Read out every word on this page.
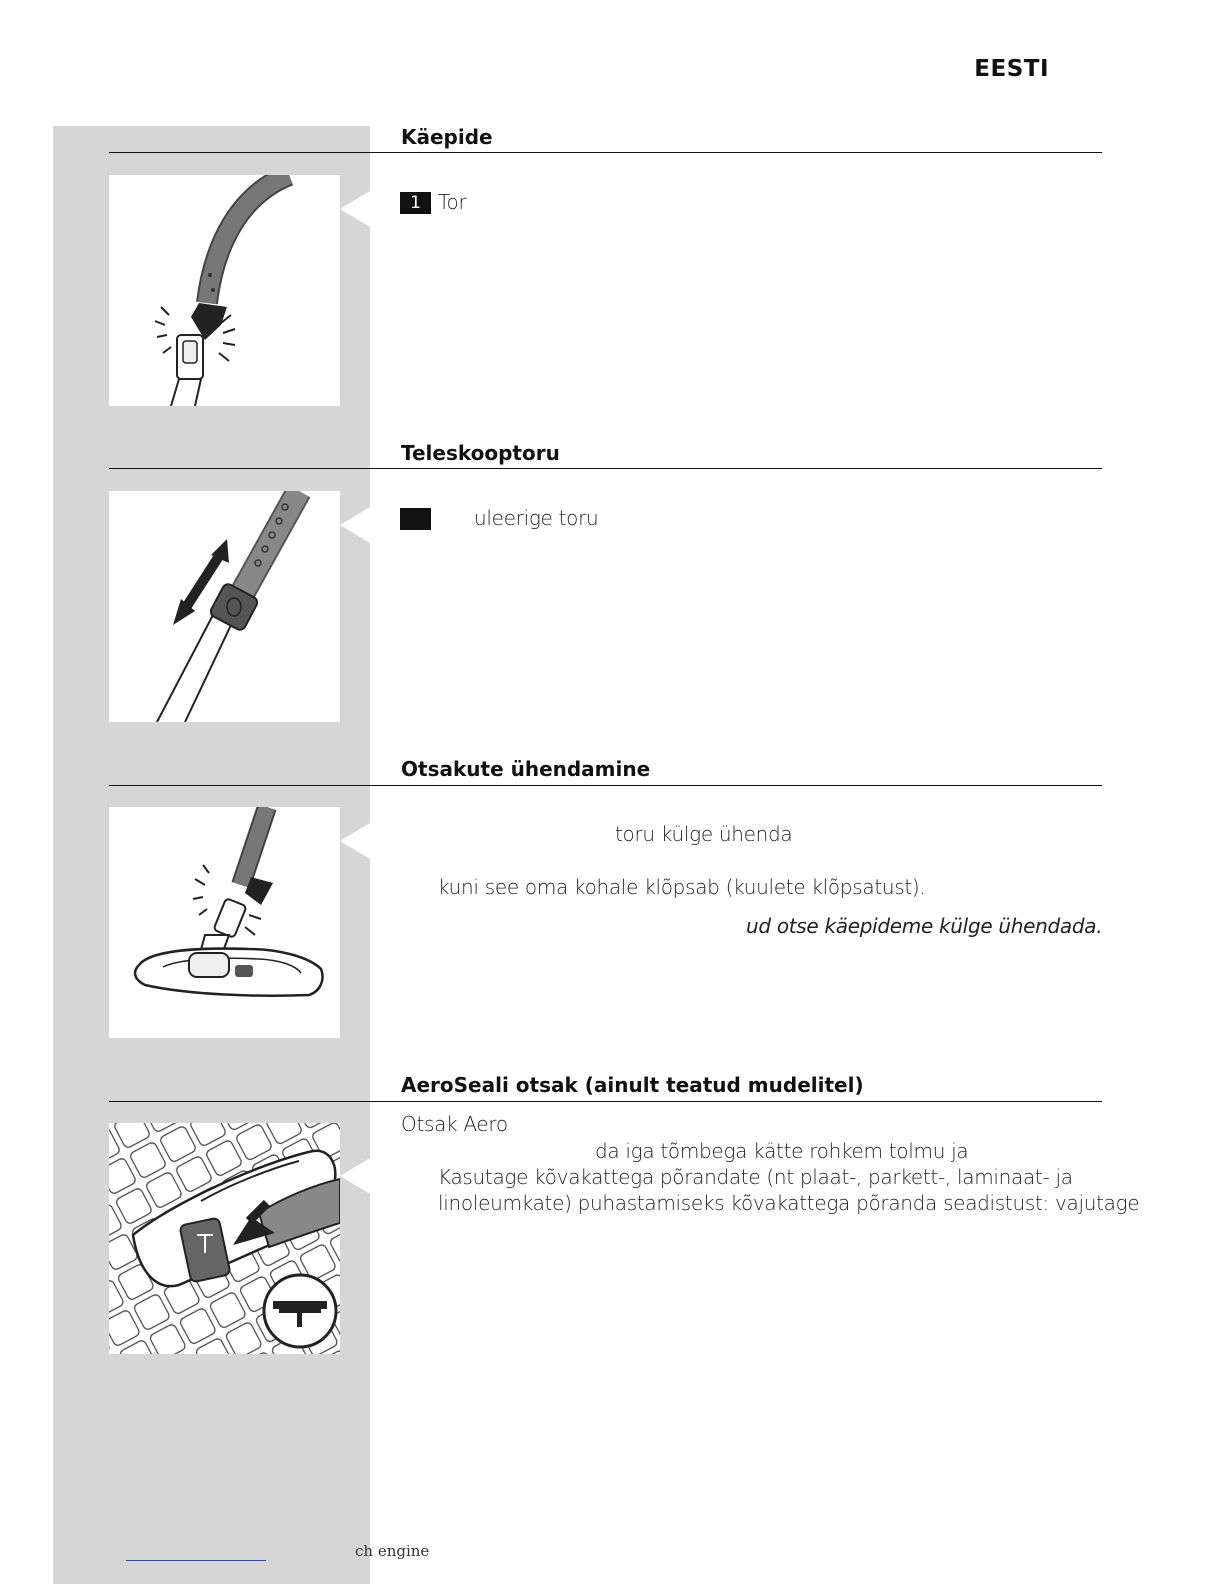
EESTI
Käepide
1 Tor
Teleskooptoru
uleerige toru
Otsakute ühendamine
toru külge ühenda
kuni see oma kohale klõpsab (kuulete klõpsatust).
ud otse käepideme külge ühendada.
AeroSeali otsak (ainult teatud mudelitel)
Otsak Aero
da iga tõmbega kätte rohkem tolmu ja
Kasutage kõvakattega põrandate (nt plaat-, parkett-, laminaat- ja
linoleumkate) puhastamiseks kõvakattega põranda seadistust: vajutage
ch engine
